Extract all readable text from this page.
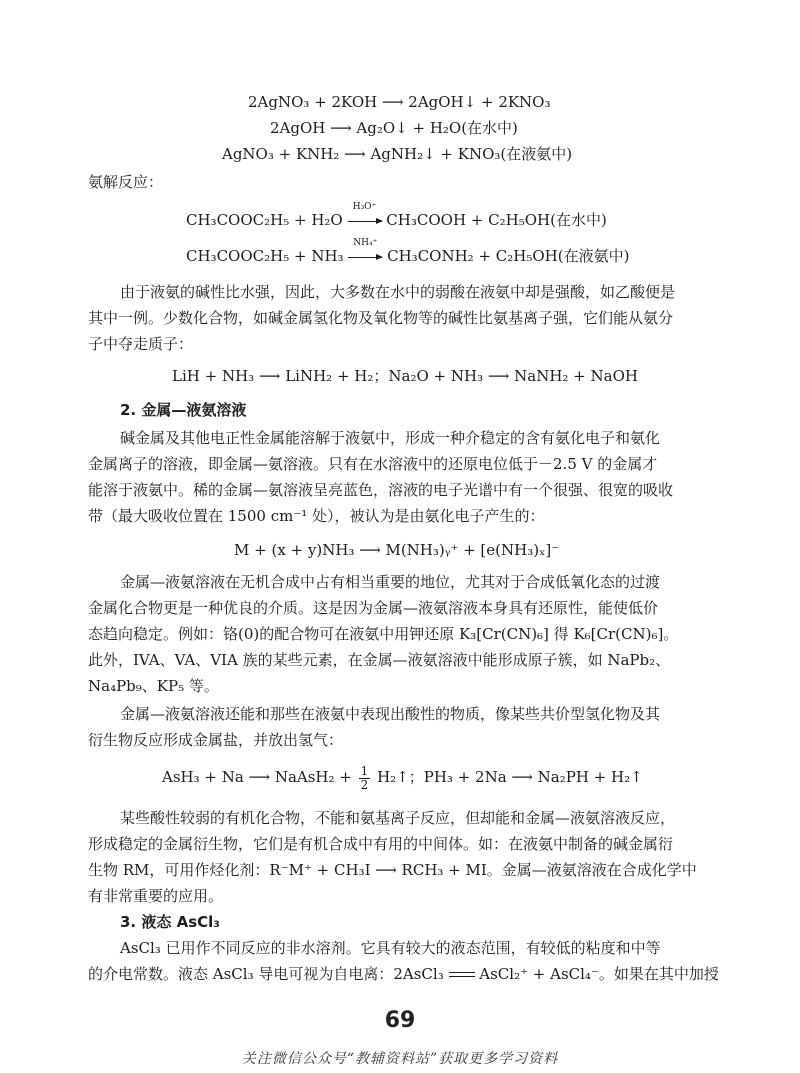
2AgNO₃ + 2KOH ⟶ 2AgOH↓ + 2KNO₃
2AgOH ⟶ Ag₂O↓ + H₂O(在水中)
AgNO₃ + KNH₂ ⟶ AgNH₂↓ + KNO₃(在液氨中)
氨解反应：
CH₃COOC₂H₅ + H₂O
H₃O⁺
CH₃COOH + C₂H₅OH(在水中)
CH₃COOC₂H₅ + NH₃
NH₄⁺
CH₃CONH₂ + C₂H₅OH(在液氨中)
由于液氨的碱性比水强，因此，大多数在水中的弱酸在液氨中却是强酸，如乙酸便是
其中一例。少数化合物，如碱金属氢化物及氧化物等的碱性比氨基离子强，它们能从氨分
子中夺走质子：
LiH + NH₃ ⟶ LiNH₂ + H₂；Na₂O + NH₃ ⟶ NaNH₂ + NaOH
2. 金属—液氨溶液
碱金属及其他电正性金属能溶解于液氨中，形成一种介稳定的含有氨化电子和氨化
金属离子的溶液，即金属—氨溶液。只有在水溶液中的还原电位低于－2.5 V 的金属才
能溶于液氨中。稀的金属—氨溶液呈亮蓝色，溶液的电子光谱中有一个很强、很宽的吸收
带（最大吸收位置在 1500 cm⁻¹ 处），被认为是由氨化电子产生的：
M + (x + y)NH₃ ⟶ M(NH₃)ᵧ⁺ + [e(NH₃)ₓ]⁻
金属—液氨溶液在无机合成中占有相当重要的地位，尤其对于合成低氧化态的过渡
金属化合物更是一种优良的介质。这是因为金属—液氨溶液本身具有还原性，能使低价
态趋向稳定。例如：铬(0)的配合物可在液氨中用钾还原 K₃[Cr(CN)₆] 得 K₆[Cr(CN)₆]。
此外，IVA、VA、VIA 族的某些元素，在金属—液氨溶液中能形成原子簇，如 NaPb₂、
Na₄Pb₉、KP₅ 等。
金属—液氨溶液还能和那些在液氨中表现出酸性的物质，像某些共价型氢化物及其
衍生物反应形成金属盐，并放出氢气：
AsH₃ + Na ⟶ NaAsH₂ + $\frac{1}{2}$ H₂↑；PH₃ + 2Na ⟶ Na₂PH + H₂↑
某些酸性较弱的有机化合物，不能和氨基离子反应，但却能和金属—液氨溶液反应，
形成稳定的金属衍生物，它们是有机合成中有用的中间体。如：在液氨中制备的碱金属衍
生物 RM，可用作烃化剂：R⁻M⁺ + CH₃I ⟶ RCH₃ + MI。金属—液氨溶液在合成化学中
有非常重要的应用。
3. 液态 AsCl₃
AsCl₃ 已用作不同反应的非水溶剂。它具有较大的液态范围，有较低的粘度和中等
的介电常数。液态 AsCl₃ 导电可视为自电离：2AsCl₃ AsCl₂⁺ + AsCl₄⁻。如果在其中加授
69
关注微信公众号“教辅资料站”获取更多学习资料
